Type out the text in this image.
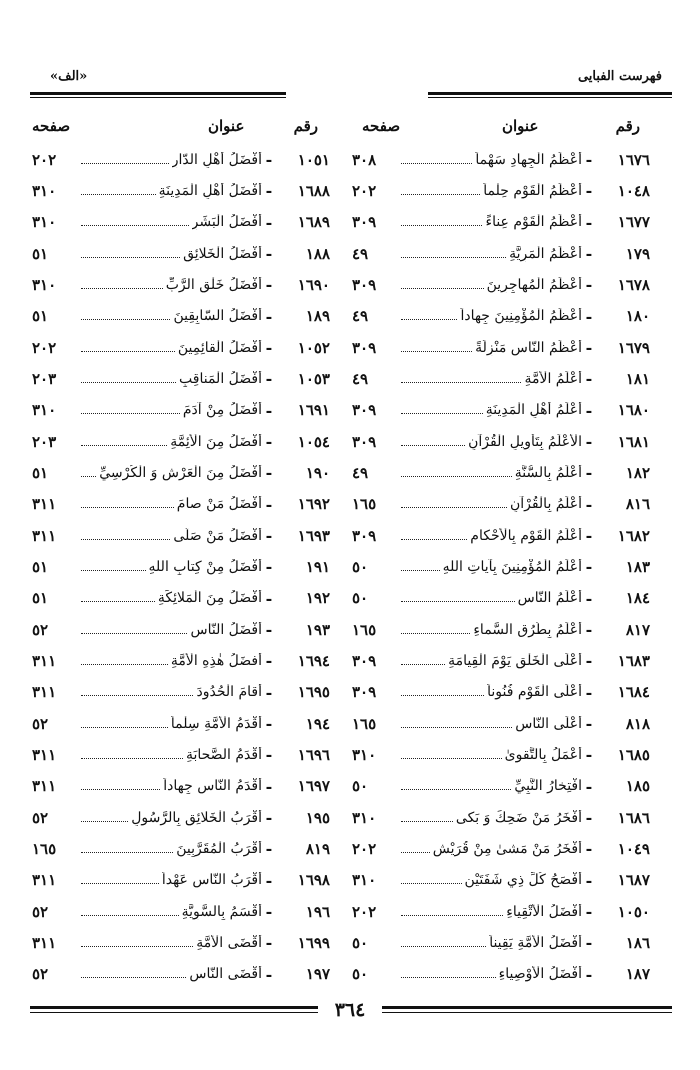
فهرست الفبایی
«الف»
صفحه	عنوان	رقم
صفحه	عنوان	رقم
٣٠٨	أَعْظَمُ الْجِهادِ سَهْماً -	١٦٧٦
٢٠٢	أَعْظَمُ الْقَوْمِ حِلْماً -	١٠٤٨
٣٠٩	أَعْظَمُ الْقَوْمِ عِناءً -	١٦٧٧
٤٩	أَعْظَمُ الْمَرِيَّةِ -	١٧٩
٣٠٩	أَعْظَمُ الْمُهاجِرِينَ -	١٦٧٨
٤٩	أَعْظَمُ الْمُؤْمِنِينَ جِهاداً -	١٨٠
٣٠٩	أَعْظَمُ النّاسِ مَنْزِلَةً -	١٦٧٩
٤٩	أَعْلَمُ الْأُمَّةِ -	١٨١
٣٠٩	أَعْلَمُ أَهْلِ الْمَدِينَةِ -	١٦٨٠
٣٠٩	الْأَعْلَمُ بِتَأْوِيلِ الْقُرْآنِ -	١٦٨١
٤٩	أَعْلَمُ بِالسُّنَّةِ -	١٨٢
١٦٥	أَعْلَمُ بِالْقُرْآنِ -	٨١٦
٣٠٩	أَعْلَمُ الْقَوْمِ بِالْأَحْكامِ -	١٦٨٢
٥٠	أَعْلَمُ الْمُؤْمِنِينَ بِآياتِ اللهِ -	١٨٣
٥٠	أَعْلَمُ النّاسِ -	١٨٤
١٦٥	أَعْلَمُ بِطُرُقِ السَّماءِ -	٨١٧
٣٠٩	أَعْلَى الْخَلْقِ يَوْمَ الْقِيامَةِ -	١٦٨٣
٣٠٩	أَعْلَى الْقَوْمِ فُنُوناً -	١٦٨٤
١٦٥	أَعْلَى النّاسِ -	٨١٨
٣١٠	أَعْمَلُ بِالتَّقوىٰ -	١٦٨٥
٥٠	افْتِخارُ النَّبِيِّ -	١٨٥
٣١٠	أَفْخَرُ مَنْ ضَحِكَ وَ بَكى -	١٦٨٦
٢٠٢	أَفْخَرُ مَنْ مَشىٰ مِنْ قُرَيْشٍ -	١٠٤٩
٣١٠	أَفْصَحُ كُلِّ ذِي شَفَتَيْنِ -	١٦٨٧
٢٠٢	أَفْضَلُ الْأَتْقِياءِ -	١٠٥٠
٥٠	أَفْضَلُ الْأُمَّةِ يَقِيناً -	١٨٦
٥٠	أَفْضَلُ الْأَوْصِياءِ -	١٨٧
٢٠٢	أَفْضَلُ أَهْلِ الدّارِ -	١٠٥١
٣١٠	أَفْضَلُ أَهْلِ الْمَدِينَةِ -	١٦٨٨
٣١٠	أَفْضَلُ الْبَشَرِ -	١٦٨٩
٥١	أَفْضَلُ الْخَلائِقِ -	١٨٨
٣١٠	أَفْضَلُ خَلْقِ الرَّبِّ -	١٦٩٠
٥١	أَفْضَلُ السّابِقِينَ -	١٨٩
٢٠٢	أَفْضَلُ الْقائِمِينَ -	١٠٥٢
٢٠٣	أَفْضَلُ الْمَناقِبِ -	١٠٥٣
٣١٠	أَفْضَلُ مِنْ آدَمَ -	١٦٩١
٢٠٣	أَفْضَلُ مِنَ الْأَئِمَّةِ -	١٠٥٤
٥١	أَفْضَلُ مِنَ الْعَرْشِ وَ الْكُرْسِيِّ -	١٩٠
٣١١	أَفْضَلُ مَنْ صامَ -	١٦٩٢
٣١١	أَفْضَلُ مَنْ صَلّى -	١٦٩٣
٥١	أَفْضَلُ مِنْ كِتابِ اللهِ -	١٩١
٥١	أَفْضَلُ مِنَ الْمَلائِكَةِ -	١٩٢
٥٢	أَفْضَلُ النّاسِ -	١٩٣
٣١١	أَفضَلُ هٰذِهِ الْأُمَّةِ -	١٦٩٤
٣١١	أَقامَ الْحُدُودَ -	١٦٩٥
٥٢	أَقْدَمُ الْأُمَّةِ سِلْماً -	١٩٤
٣١١	أَقْدَمُ الصَّحابَةِ -	١٦٩٦
٣١١	أَقْدَمُ النّاسِ جِهاداً -	١٦٩٧
٥٢	أَقْرَبُ الْخَلائِقِ بِالرَّسُولِ -	١٩٥
١٦٥	أَقْرَبُ الْمُقَرَّبِينَ -	٨١٩
٣١١	أَقْرَبُ النّاسِ عَهْداً -	١٦٩٨
٥٢	أَقْسَمُ بِالسَّوِيَّةِ -	١٩٦
٣١١	أَقْضَى الْأُمَّةِ -	١٦٩٩
٥٢	أَقْضَى النّاسِ -	١٩٧
٣٦٤
